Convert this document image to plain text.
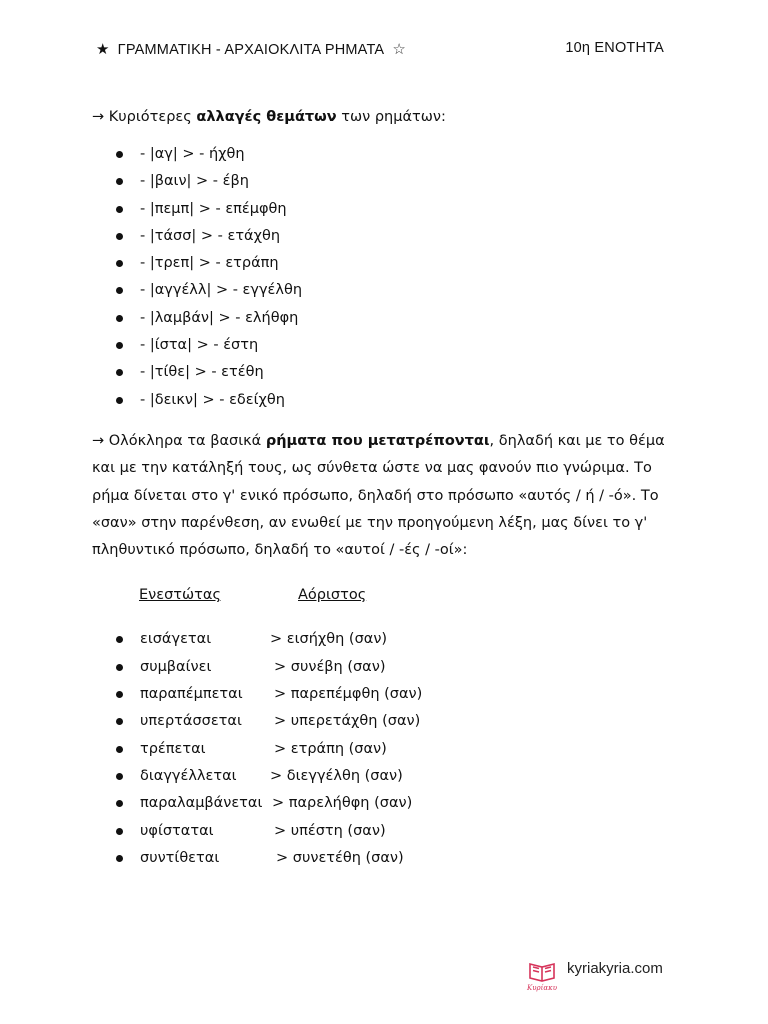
★ ΓΡΑΜΜΑΤΙΚΗ - ΑΡΧΑΙΟΚΛΙΤΑ ΡΗΜΑΤΑ ☆	10η ΕΝΟΤΗΤΑ

→ Κυριότερες αλλαγές θεμάτων των ρημάτων:

- |αγ| > - ήχθη
- |βαιν| > - έβη
- |πεμπ| > - επέμφθη
- |τάσσ| > - ετάχθη
- |τρεπ| > - ετράπη
- |αγγέλλ| > - εγγέλθη
- |λαμβάν| > - ελήθφη
- |ίστα| > - έστη
- |τίθε| > - ετέθη
- |δεικν| > - εδείχθη

→ Ολόκληρα τα βασικά ρήματα που μετατρέπονται, δηλαδή και με το θέμα και με την κατάληξή τους, ως σύνθετα ώστε να μας φανούν πιο γνώριμα. Το ρήμα δίνεται στο γ' ενικό πρόσωπο, δηλαδή στο πρόσωπο «αυτός / ή / -ό». Το «σαν» στην παρένθεση, αν ενωθεί με την προηγούμενη λέξη, μας δίνει το γ' πληθυντικό πρόσωπο, δηλαδή το «αυτοί / -ές / -οί»:

Ενεστώτας	Αόριστος
εισάγεται	> εισήχθη (σαν)
συμβαίνει	> συνέβη (σαν)
παραπέμπεται > παρεπέμφθη (σαν)
υπερτάσσεται > υπερετάχθη (σαν)
τρέπεται	> ετράπη (σαν)
διαγγέλλεται > διεγγέλθη (σαν)
παραλαμβάνεται > παρελήθφη (σαν)
υφίσταται	> υπέστη (σαν)
συντίθεται	> συνετέθη (σαν)
Κυρίακυ
kyriakyria.com
